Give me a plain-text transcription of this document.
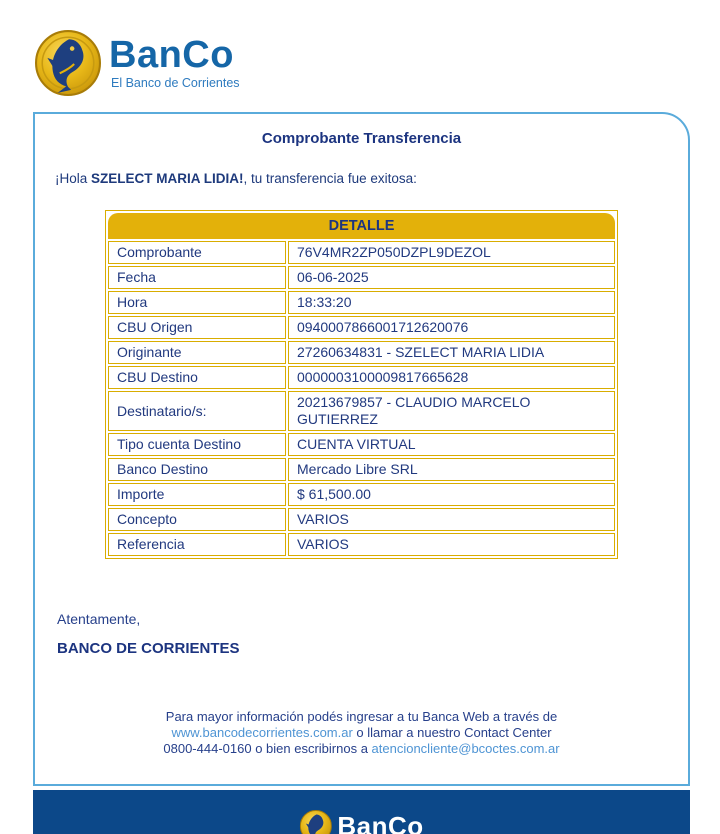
BanCo
El Banco de Corrientes
Comprobante Transferencia
¡Hola SZELECT MARIA LIDIA!, tu transferencia fue exitosa:
DETALLE	
Comprobante	76V4MR2ZP050DZPL9DEZOL
Fecha	06-06-2025
Hora	18:33:20
CBU Origen	0940007866001712620076
Originante	27260634831 - SZELECT MARIA LIDIA
CBU Destino	0000003100009817665628
Destinatario/s:	20213679857 - CLAUDIO MARCELO GUTIERREZ
Tipo cuenta Destino	CUENTA VIRTUAL
Banco Destino	Mercado Libre SRL
Importe	$ 61,500.00
Concepto	VARIOS
Referencia	VARIOS
Atentamente,
BANCO DE CORRIENTES
Para mayor información podés ingresar a tu Banca Web a través de
www.bancodecorrientes.com.ar o llamar a nuestro Contact Center
0800-444-0160 o bien escribirnos a atencioncliente@bcoctes.com.ar
BanCo
